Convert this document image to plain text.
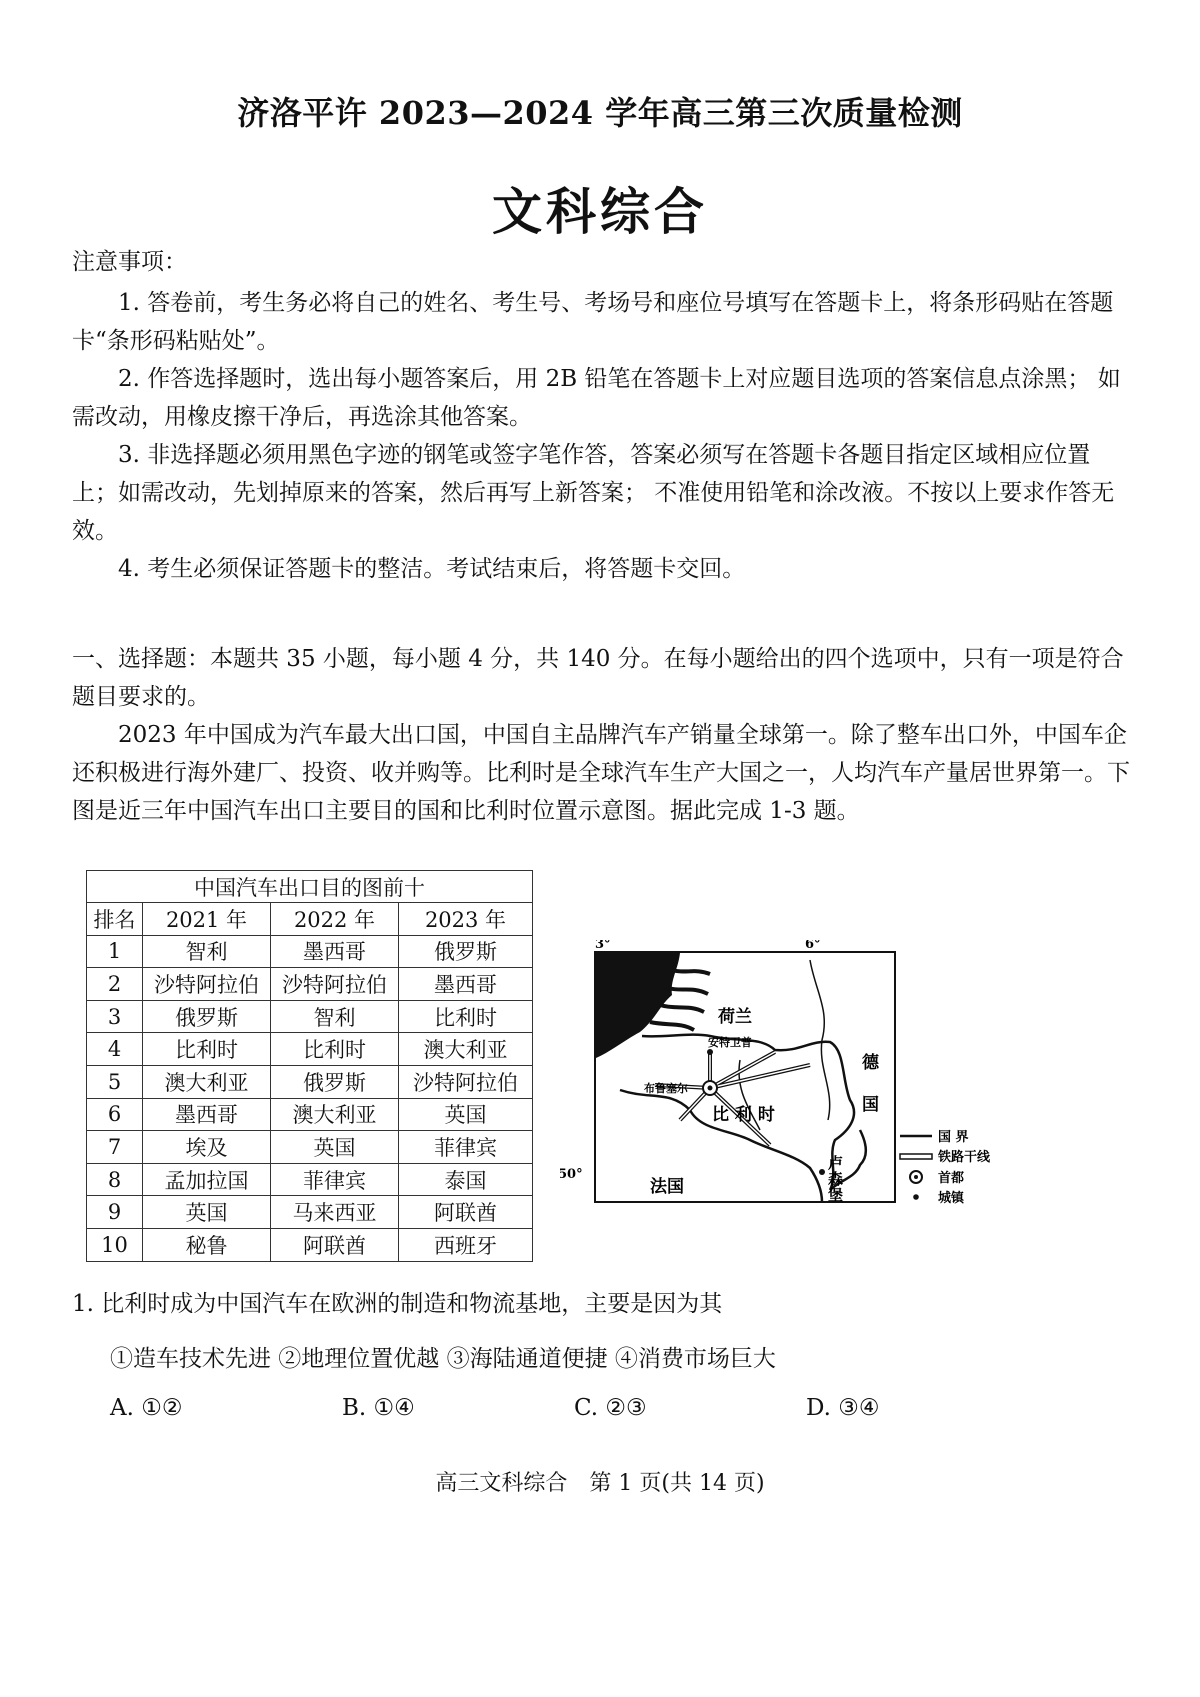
济洛平许 2023—2024 学年高三第三次质量检测
文科综合
注意事项：
1. 答卷前，考生务必将自己的姓名、考生号、考场号和座位号填写在答题卡上，将条形码贴在答题卡“条形码粘贴处”。
2. 作答选择题时，选出每小题答案后，用 2B 铅笔在答题卡上对应题目选项的答案信息点涂黑； 如需改动，用橡皮擦干净后，再选涂其他答案。
3. 非选择题必须用黑色字迹的钢笔或签字笔作答，答案必须写在答题卡各题目指定区域相应位置上；如需改动，先划掉原来的答案，然后再写上新答案； 不准使用铅笔和涂改液。不按以上要求作答无效。
4. 考生必须保证答题卡的整洁。考试结束后，将答题卡交回。
一、选择题：本题共 35 小题，每小题 4 分，共 140 分。在每小题给出的四个选项中，只有一项是符合题目要求的。
2023 年中国成为汽车最大出口国，中国自主品牌汽车产销量全球第一。除了整车出口外，中国车企还积极进行海外建厂、投资、收并购等。比利时是全球汽车生产大国之一，人均汽车产量居世界第一。下图是近三年中国汽车出口主要目的国和比利时位置示意图。据此完成 1-3 题。
中国汽车出口目的图前十			
排名	2021 年	2022 年	2023 年
1	智利	墨西哥	俄罗斯
2	沙特阿拉伯	沙特阿拉伯	墨西哥
3	俄罗斯	智利	比利时
4	比利时	比利时	澳大利亚
5	澳大利亚	俄罗斯	沙特阿拉伯
6	墨西哥	澳大利亚	英国
7	埃及	英国	菲律宾
8	孟加拉国	菲律宾	泰国
9	英国	马来西亚	阿联酋
10	秘鲁	阿联酋	西班牙
3°	6°
50°
荷兰
安特卫普
德
国
布鲁塞尔
比 利 时
法国
卢
森
堡
国 界
铁路干线
首都
城镇
1. 比利时成为中国汽车在欧洲的制造和物流基地，主要是因为其
①造车技术先进 ②地理位置优越 ③海陆通道便捷 ④消费市场巨大
A. ①②	B. ①④	C. ②③	D. ③④
高三文科综合　第 1 页(共 14 页)
